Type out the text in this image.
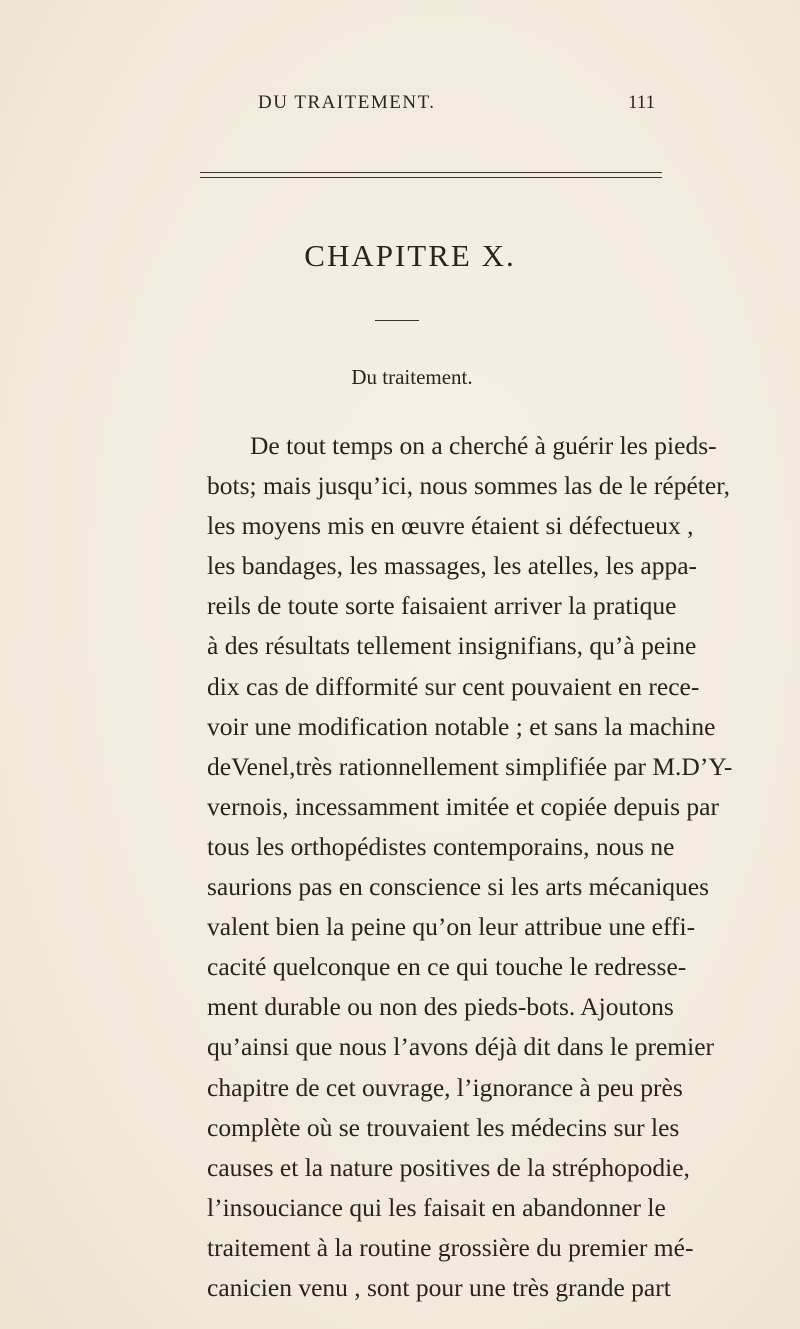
DU TRAITEMENT.	111
CHAPITRE X.
Du traitement.
De tout temps on a cherché à guérir les pieds-
bots; mais jusqu’ici, nous sommes las de le répéter,
les moyens mis en œuvre étaient si défectueux ,
les bandages, les massages, les atelles, les appa-
reils de toute sorte faisaient arriver la pratique
à des résultats tellement insignifians, qu’à peine
dix cas de difformité sur cent pouvaient en rece-
voir une modification notable ; et sans la machine
deVenel,très rationnellement simplifiée par M.D’Y-
vernois, incessamment imitée et copiée depuis par
tous les orthopédistes contemporains, nous ne
saurions pas en conscience si les arts mécaniques
valent bien la peine qu’on leur attribue une effi-
cacité quelconque en ce qui touche le redresse-
ment durable ou non des pieds-bots. Ajoutons
qu’ainsi que nous l’avons déjà dit dans le premier
chapitre de cet ouvrage, l’ignorance à peu près
complète où se trouvaient les médecins sur les
causes et la nature positives de la stréphopodie,
l’insouciance qui les faisait en abandonner le
traitement à la routine grossière du premier mé-
canicien venu , sont pour une très grande part
